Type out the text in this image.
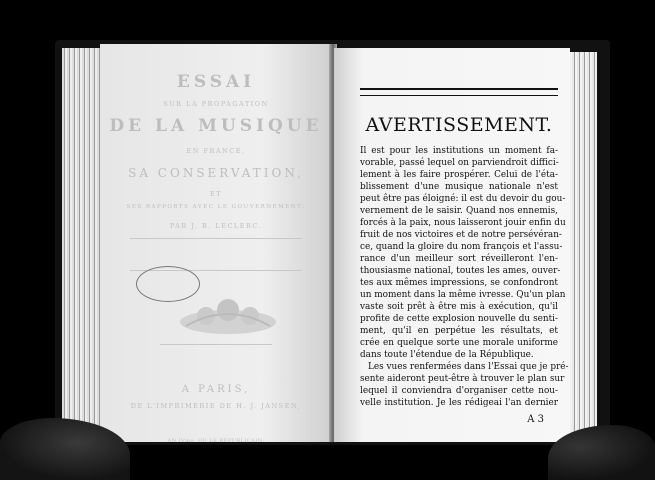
ESSAI
SUR LA PROPAGATION
DE LA MUSIQUE
EN FRANCE,
SA CONSERVATION,
ET
SES RAPPORTS AVEC LE GOUVERNEMENT;
PAR J. B. LECLERC.
A PARIS,
DE L'IMPRIMERIE DE H. J. JANSEN,
AN IVme, OU LE RÉPUBLICAIN.
AVERTISSEMENT.
Il est pour les institutions un moment fa-
vorable, passé lequel on parviendroit diffici-
lement à les faire prospérer. Celui de l'éta-
blissement d'une musique nationale n'est
peut être pas éloigné: il est du devoir du gou-
vernement de le saisir. Quand nos ennemis,
forcés à la paix, nous laisseront jouir enfin du
fruit de nos victoires et de notre persévéran-
ce, quand la gloire du nom françois et l'assu-
rance d'un meilleur sort réveilleront l'en-
thousiasme national, toutes les ames, ouver-
tes aux mêmes impressions, se confondront
un moment dans la même ivresse. Qu'un plan
vaste soit prêt à être mis à exécution, qu'il
profite de cette explosion nouvelle du senti-
ment, qu'il en perpétue les résultats, et
crée en quelque sorte une morale uniforme
dans toute l'étendue de la République.
Les vues renfermées dans l'Essai que je pré-
sente aideront peut-être à trouver le plan sur
lequel il conviendra d'organiser cette nou-
velle institution. Je les rédigeai l'an dernier
A 3
